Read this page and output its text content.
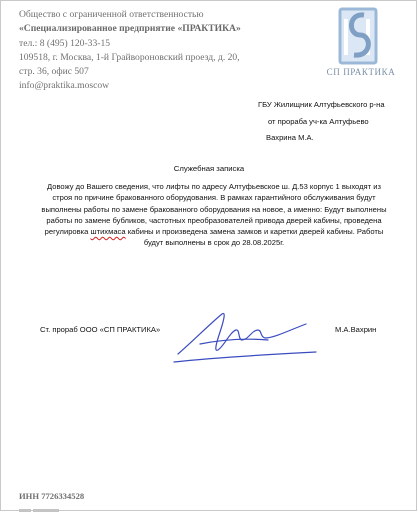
Общество с ограниченной ответственностью
«Специализированное предприятие «ПРАКТИКА»
тел.: 8 (495) 120-33-15
109518, г. Москва, 1-й Грайвороновский проезд, д. 20,
стр. 36, офис 507
info@praktika.moscow
СП ПРАКТИКА
ГБУ Жилищник Алтуфьевского р-на
от прораба уч-ка Алтуфьево
Вахрина М.А.
Служебная записка
Довожу до Вашего сведения, что лифты по адресу Алтуфьевское ш. Д.53 корпус 1 выходят из
строя по причине бракованного оборудования. В рамках гарантийного обслуживания будут
выполнены работы по замене бракованного оборудования на новое, а именно: Будут выполнены
работы по замене бубликов, частотных преобразователей привода дверей кабины, проведена
регулировка штихмаса кабины и произведена замена замков и каретки дверей кабины. Работы
будут выполнены в срок до 28.08.2025г.
Ст. прораб ООО «СП ПРАКТИКА»	М.А.Вахрин
ИНН 7726334528
